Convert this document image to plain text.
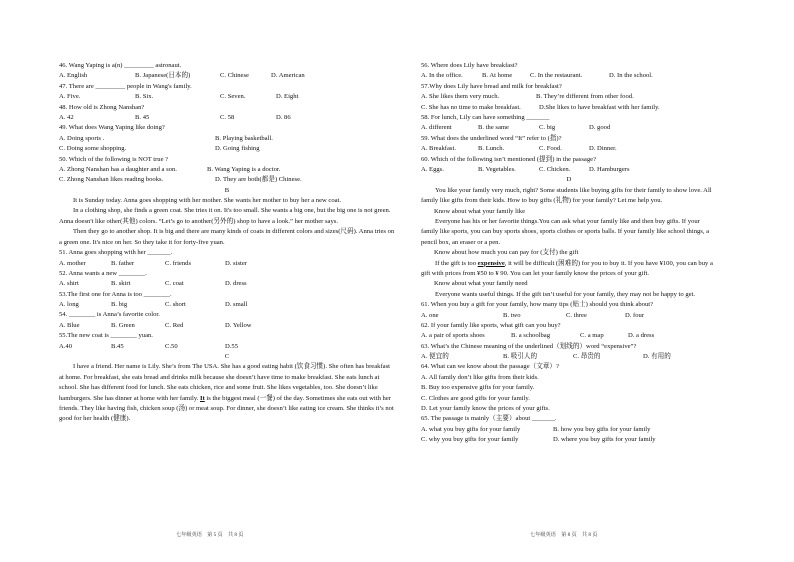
46. Wang Yaping is a(n) _________ astronaut.
A. English	B. Japanese(日本的)	C. Chinese	D. American
47. There are _________ people in Wang's family.
A. Five.	B. Six.	C. Seven.	D. Eight
48. How old is Zhong Nanshan?
A. 42	B. 45	C. 58	D. 86
49. What does Wang Yaping like doing?
A. Doing sports .	B. Playing basketball.
C. Doing some shopping.	D. Going fishing
50. Which of the following is NOT true ?
A. Zhong Nanshan has a daughter and a son.	B. Wang Yaping is a doctor.
C. Zhong Nanshan likes reading books.	D. They are both(都是) Chinese.
B
It is Sunday today. Anna goes shopping with her mother. She wants her mother to buy her a new coat.
In a clothing shop, she finds a green coat. She tries it on. It's too small. She wants a big one, but the big one is not green. Anna doesn't like other(其他) colors. “Let’s go to another(另外的) shop to have a look.” her mother says.
Then they go to another shop. It is big and there are many kinds of coats in different colors and sizes(尺码). Anna tries on a green one. It's nice on her. So they take it for forty-five yuan.
51. Anna goes shopping with her _______.
A. mother	B. father	C. friends	D. sister
52. Anna wants a new ________.
A. shirt	B. skirt	C. coat	D. dress
53.The first one for Anna is too ________.
A. long	B. big	C. short	D. small
54. ________ is Anna’s favorite color.
A. Blue	B. Green	C. Red	D. Yellow
55.The new coat is ________ yuan.
A.40	B.45	C.50	D.55
C
I have a friend. Her name is Lily. She’s from The USA. She has a good eating habit (饮食习惯). She often has breakfast at home. For breakfast, she eats bread and drinks milk because she doesn’t have time to make breakfast. She eats lunch at school. She has different food for lunch. She eats chicken, rice and some fruit. She likes vegetables, too. She doesn’t like hamburgers. She has dinner at home with her family. It is the biggest meal (一餐) of the day. Sometimes she eats out with her friends. They like having fish, chicken soup (汤) or meat soup. For dinner, she doesn’t like eating ice cream. She thinks it’s not good for her health (健康).
56. Where does Lily have breakfast?
A. In the office.	B. At home	C. In the restaurant.	D. In the school.
57.Why does Lily have bread and milk for breakfast?
A. She likes them very much.	B. They’re different from other food.
C. She has no time to make breakfast.	D.She likes to have breakfast with her family.
58. For lunch, Lily can have something _______
A. different	B. the same	C. big	D. good
59. What does the underlined word “It” refer to (指)?
A. Breakfast.	B. Lunch.	C. Food.	D. Dinner.
60. Which of the following isn’t mentioned (提到) in the passage?
A. Eggs.	B. Vegetables.	C. Chicken.	D. Hamburgers
D
You like your family very much, right? Some students like buying gifts for their family to show love. All family like gifts from their kids. How to buy gifts (礼物) for your family? Let me help you.
Know about what your family like
Everyone has his or her favorite things.You can ask what your family like and then buy gifts. If your family like sports, you can buy sports shoes, sports clothes or sports balls. If your family like school things, a pencil box, an eraser or a pen.
Know about how much you can pay for (支付) the gift
If the gift is too expensive, it will be difficult (困难的) for you to buy it. If you have ¥100, you can buy a gift with prices from ¥50 to ¥ 90. You can let your family know the prices of your gift.
Know about what your family need
Everyone wants useful things. If the gift isn’t useful for your family, they may not be happy to get.
61. When you buy a gift for your family, how many tips (贴士) should you think about?
A. one	B. two	C. three	D. four
62. If your family like sports, what gift can you buy?
A. a pair of sports shoes	B. a schoolbag	C. a map	D. a dress
63. What’s the Chinese meaning of the underlined（划线的）word “expensive”?
A. 便宜的	B. 吸引人的	C. 昂贵的	D. 有用的
64. What can we know about the passage（文章）?
A. All family don’t like gifts from their kids.
B. Buy too expensive gifts for your family.
C. Clothes are good gifts for your family.
D. Let your family know the prices of your gifts.
65. The passage is mainly（主要）about _______.
A. what you buy gifts for your family	B. how you buy gifts for your family
C. why you buy gifts for your family	D. where you buy gifts for your family
七年级英语　第 5 页　共 8 页	七年级英语　第 8 页　共 8 页
